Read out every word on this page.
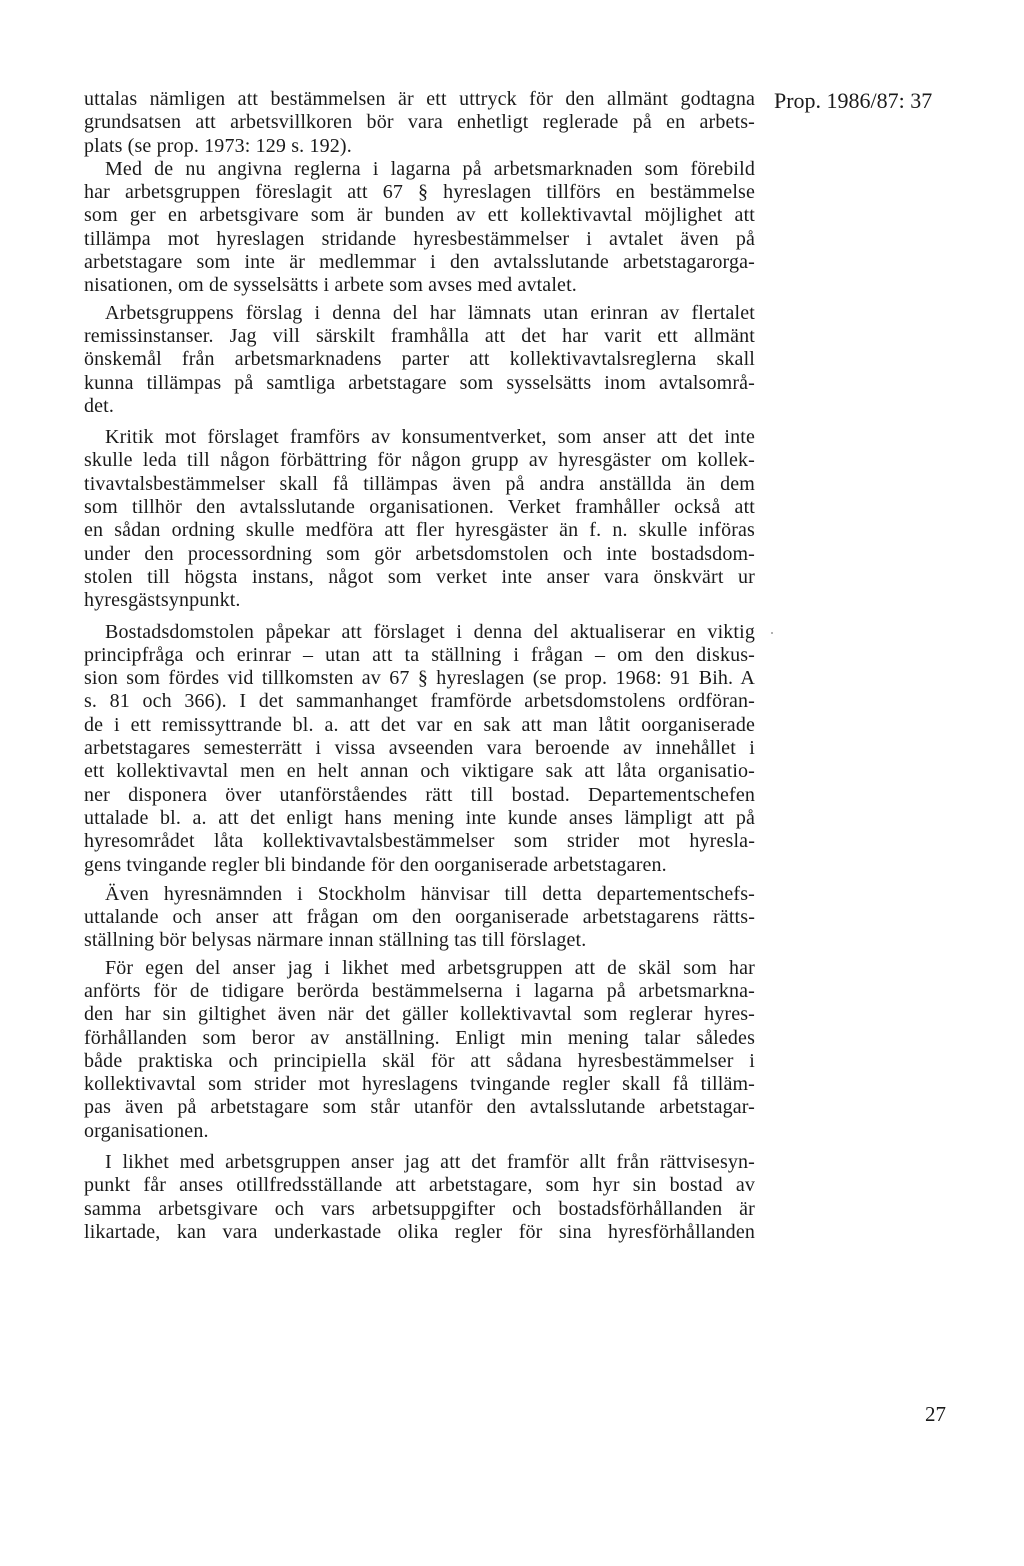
Prop. 1986/87: 37
uttalas nämligen att bestämmelsen är ett uttryck för den allmänt godtagna
grundsatsen att arbetsvillkoren bör vara enhetligt reglerade på en arbets-
plats (se prop. 1973: 129 s. 192).
Med de nu angivna reglerna i lagarna på arbetsmarknaden som förebild
har arbetsgruppen föreslagit att 67 § hyreslagen tillförs en bestämmelse
som ger en arbetsgivare som är bunden av ett kollektivavtal möjlighet att
tillämpa mot hyreslagen stridande hyresbestämmelser i avtalet även på
arbetstagare som inte är medlemmar i den avtalsslutande arbetstagarorga-
nisationen, om de sysselsätts i arbete som avses med avtalet.
Arbetsgruppens förslag i denna del har lämnats utan erinran av flertalet
remissinstanser. Jag vill särskilt framhålla att det har varit ett allmänt
önskemål från arbetsmarknadens parter att kollektivavtalsreglerna skall
kunna tillämpas på samtliga arbetstagare som sysselsätts inom avtalsområ-
det.
Kritik mot förslaget framförs av konsumentverket, som anser att det inte
skulle leda till någon förbättring för någon grupp av hyresgäster om kollek-
tivavtalsbestämmelser skall få tillämpas även på andra anställda än dem
som tillhör den avtalsslutande organisationen. Verket framhåller också att
en sådan ordning skulle medföra att fler hyresgäster än f. n. skulle införas
under den processordning som gör arbetsdomstolen och inte bostadsdom-
stolen till högsta instans, något som verket inte anser vara önskvärt ur
hyresgästsynpunkt.
Bostadsdomstolen påpekar att förslaget i denna del aktualiserar en viktig
principfråga och erinrar – utan att ta ställning i frågan – om den diskus-
sion som fördes vid tillkomsten av 67 § hyreslagen (se prop. 1968: 91 Bih. A
s. 81 och 366). I det sammanhanget framförde arbetsdomstolens ordföran-
de i ett remissyttrande bl. a. att det var en sak att man låtit oorganiserade
arbetstagares semesterrätt i vissa avseenden vara beroende av innehållet i
ett kollektivavtal men en helt annan och viktigare sak att låta organisatio-
ner disponera över utanförståendes rätt till bostad. Departementschefen
uttalade bl. a. att det enligt hans mening inte kunde anses lämpligt att på
hyresområdet låta kollektivavtalsbestämmelser som strider mot hyresla-
gens tvingande regler bli bindande för den oorganiserade arbetstagaren.
Även hyresnämnden i Stockholm hänvisar till detta departementschefs-
uttalande och anser att frågan om den oorganiserade arbetstagarens rätts-
ställning bör belysas närmare innan ställning tas till förslaget.
För egen del anser jag i likhet med arbetsgruppen att de skäl som har
anförts för de tidigare berörda bestämmelserna i lagarna på arbetsmarkna-
den har sin giltighet även när det gäller kollektivavtal som reglerar hyres-
förhållanden som beror av anställning. Enligt min mening talar således
både praktiska och principiella skäl för att sådana hyresbestämmelser i
kollektivavtal som strider mot hyreslagens tvingande regler skall få tilläm-
pas även på arbetstagare som står utanför den avtalsslutande arbetstagar-
organisationen.
I likhet med arbetsgruppen anser jag att det framför allt från rättvisesyn-
punkt får anses otillfredsställande att arbetstagare, som hyr sin bostad av
samma arbetsgivare och vars arbetsuppgifter och bostadsförhållanden är
likartade, kan vara underkastade olika regler för sina hyresförhållanden
27
